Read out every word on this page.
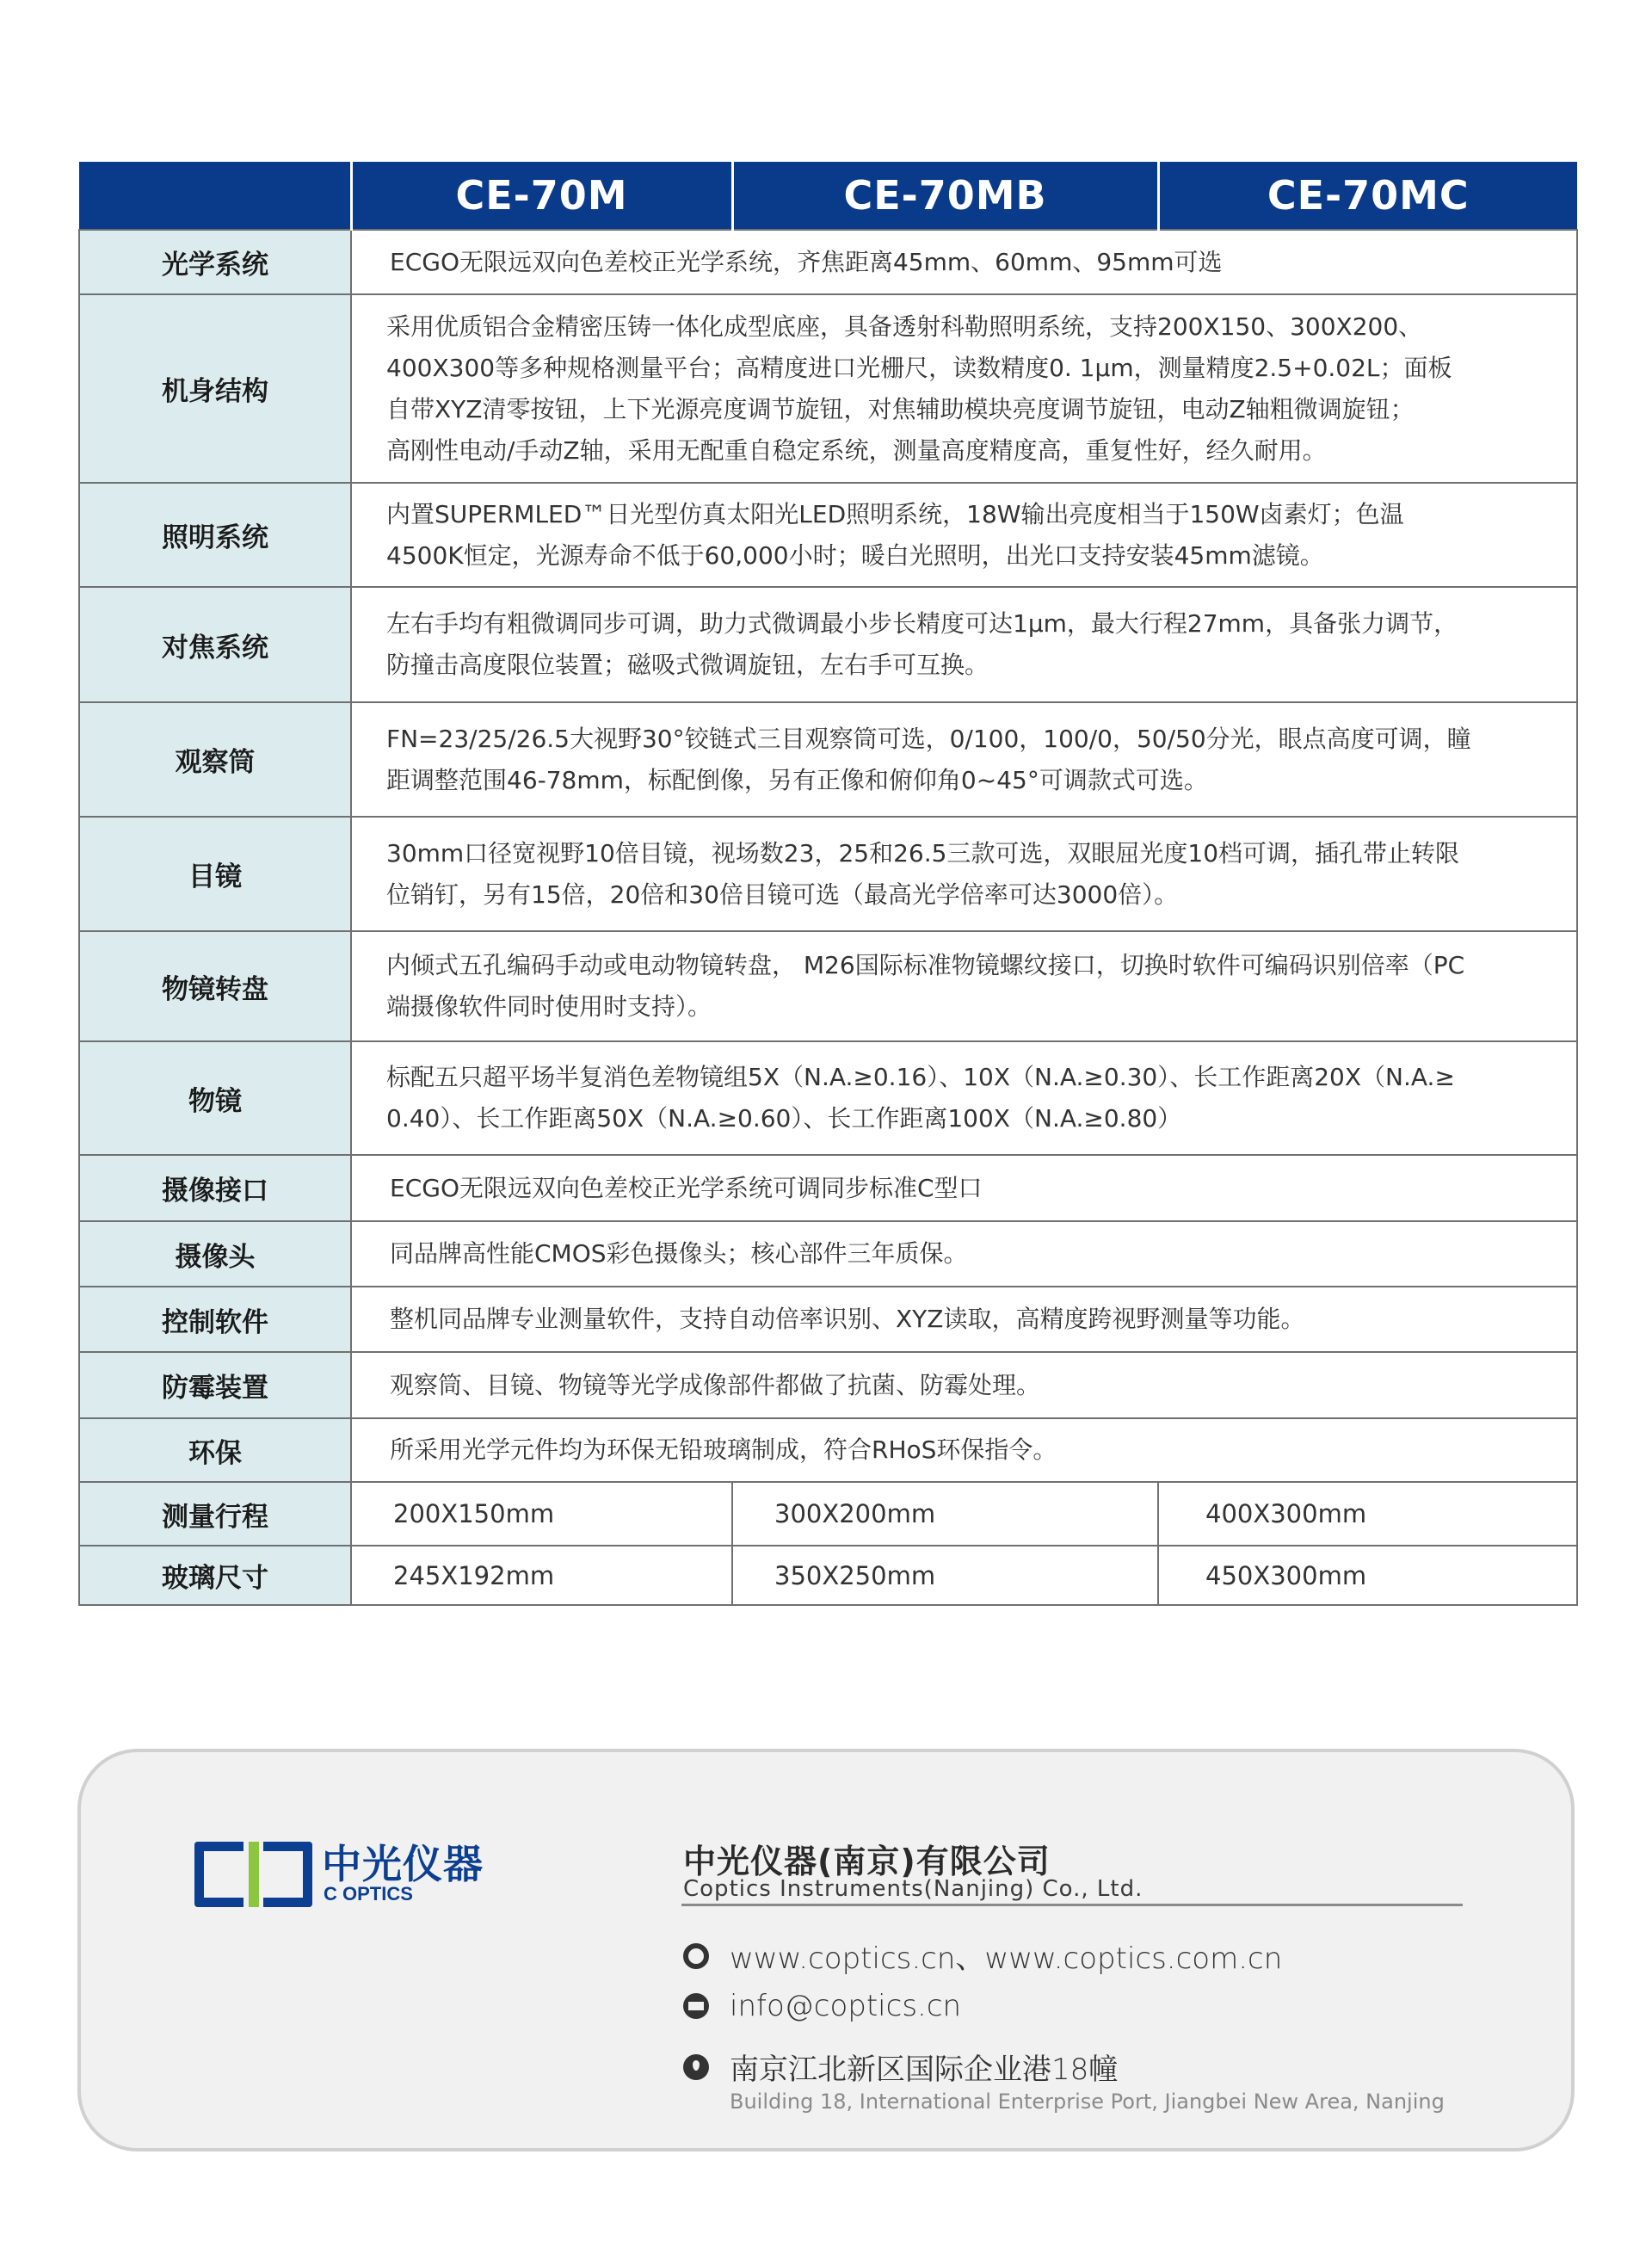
	CE-70M	CE-70MB	CE-70MC
光学系统	ECGO无限远双向色差校正光学系统，齐焦距离45mm、60mm、95mm可选		

机身结构	采用优质铝合金精密压铸一体化成型底座，具备透射科勒照明系统，支持200X150、300X200、
400X300等多种规格测量平台；高精度进口光栅尺，读数精度0. 1μm，测量精度2.5+0.02L；面板
自带XYZ清零按钮，上下光源亮度调节旋钮，对焦辅助模块亮度调节旋钮，电动Z轴粗微调旋钮；
高刚性电动/手动Z轴，采用无配重自稳定系统，测量高度精度高，重复性好，经久耐用。		

照明系统	内置SUPERMLED™日光型仿真太阳光LED照明系统，18W输出亮度相当于150W卤素灯；色温
4500K恒定，光源寿命不低于60,000小时；暖白光照明，出光口支持安装45mm滤镜。		

对焦系统	左右手均有粗微调同步可调，助力式微调最小步长精度可达1μm，最大行程27mm，具备张力调节，
防撞击高度限位装置；磁吸式微调旋钮，左右手可互换。		

观察筒	FN=23/25/26.5大视野30°铰链式三目观察筒可选，0/100，100/0，50/50分光，眼点高度可调，瞳
距调整范围46-78mm，标配倒像，另有正像和俯仰角0~45°可调款式可选。		

目镜	30mm口径宽视野10倍目镜，视场数23，25和26.5三款可选，双眼屈光度10档可调，插孔带止转限
位销钉，另有15倍，20倍和30倍目镜可选（最高光学倍率可达3000倍）。		

物镜转盘	内倾式五孔编码手动或电动物镜转盘， M26国际标准物镜螺纹接口，切换时软件可编码识别倍率（PC
端摄像软件同时使用时支持）。		

物镜	标配五只超平场半复消色差物镜组5X（N.A.≥0.16）、10X（N.A.≥0.30）、长工作距离20X（N.A.≥
0.40）、长工作距离50X（N.A.≥0.60）、长工作距离100X（N.A.≥0.80）		

摄像接口	ECGO无限远双向色差校正光学系统可调同步标准C型口		

摄像头	同品牌高性能CMOS彩色摄像头；核心部件三年质保。		

控制软件	整机同品牌专业测量软件，支持自动倍率识别、XYZ读取，高精度跨视野测量等功能。		

防霉装置	观察筒、目镜、物镜等光学成像部件都做了抗菌、防霉处理。		

环保	所采用光学元件均为环保无铅玻璃制成，符合RHoS环保指令。		

测量行程	200X150mm	300X200mm	400X300mm
玻璃尺寸	245X192mm	350X250mm	450X300mm
中光仪器
C OPTICS
中光仪器(南京)有限公司
Coptics Instruments(Nanjing) Co., Ltd.
www.coptics.cn、www.coptics.com.cn
info@coptics.cn
南京江北新区国际企业港18幢
Building 18, International Enterprise Port, Jiangbei New Area, Nanjing
